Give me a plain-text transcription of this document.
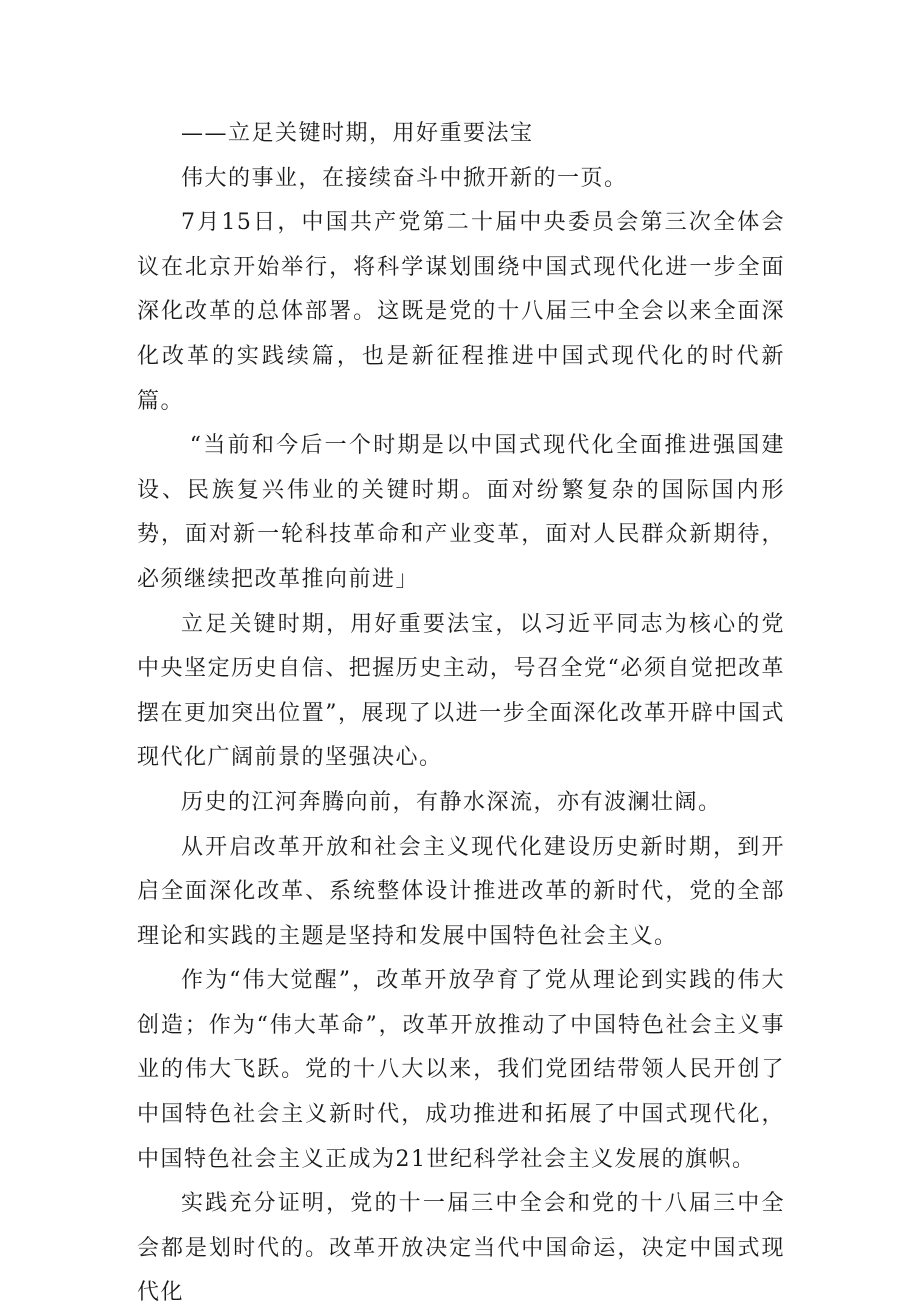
——立足关键时期，用好重要法宝

伟大的事业，在接续奋斗中掀开新的一页。

7月15日，中国共产党第二十届中央委员会第三次全体会议在北京开始举行，将科学谋划围绕中国式现代化进一步全面深化改革的总体部署。这既是党的十八届三中全会以来全面深化改革的实践续篇，也是新征程推进中国式现代化的时代新篇。

“当前和今后一个时期是以中国式现代化全面推进强国建设、民族复兴伟业的关键时期。面对纷繁复杂的国际国内形势，面对新一轮科技革命和产业变革，面对人民群众新期待，必须继续把改革推向前进」

立足关键时期，用好重要法宝，以习近平同志为核心的党中央坚定历史自信、把握历史主动，号召全党“必须自觉把改革摆在更加突出位置”，展现了以进一步全面深化改革开辟中国式现代化广阔前景的坚强决心。

历史的江河奔腾向前，有静水深流，亦有波澜壮阔。

从开启改革开放和社会主义现代化建设历史新时期，到开启全面深化改革、系统整体设计推进改革的新时代，党的全部理论和实践的主题是坚持和发展中国特色社会主义。

作为“伟大觉醒”，改革开放孕育了党从理论到实践的伟大创造；作为“伟大革命”，改革开放推动了中国特色社会主义事业的伟大飞跃。党的十八大以来，我们党团结带领人民开创了中国特色社会主义新时代，成功推进和拓展了中国式现代化，中国特色社会主义正成为21世纪科学社会主义发展的旗帜。

实践充分证明，党的十一届三中全会和党的十八届三中全会都是划时代的。改革开放决定当代中国命运，决定中国式现代化
